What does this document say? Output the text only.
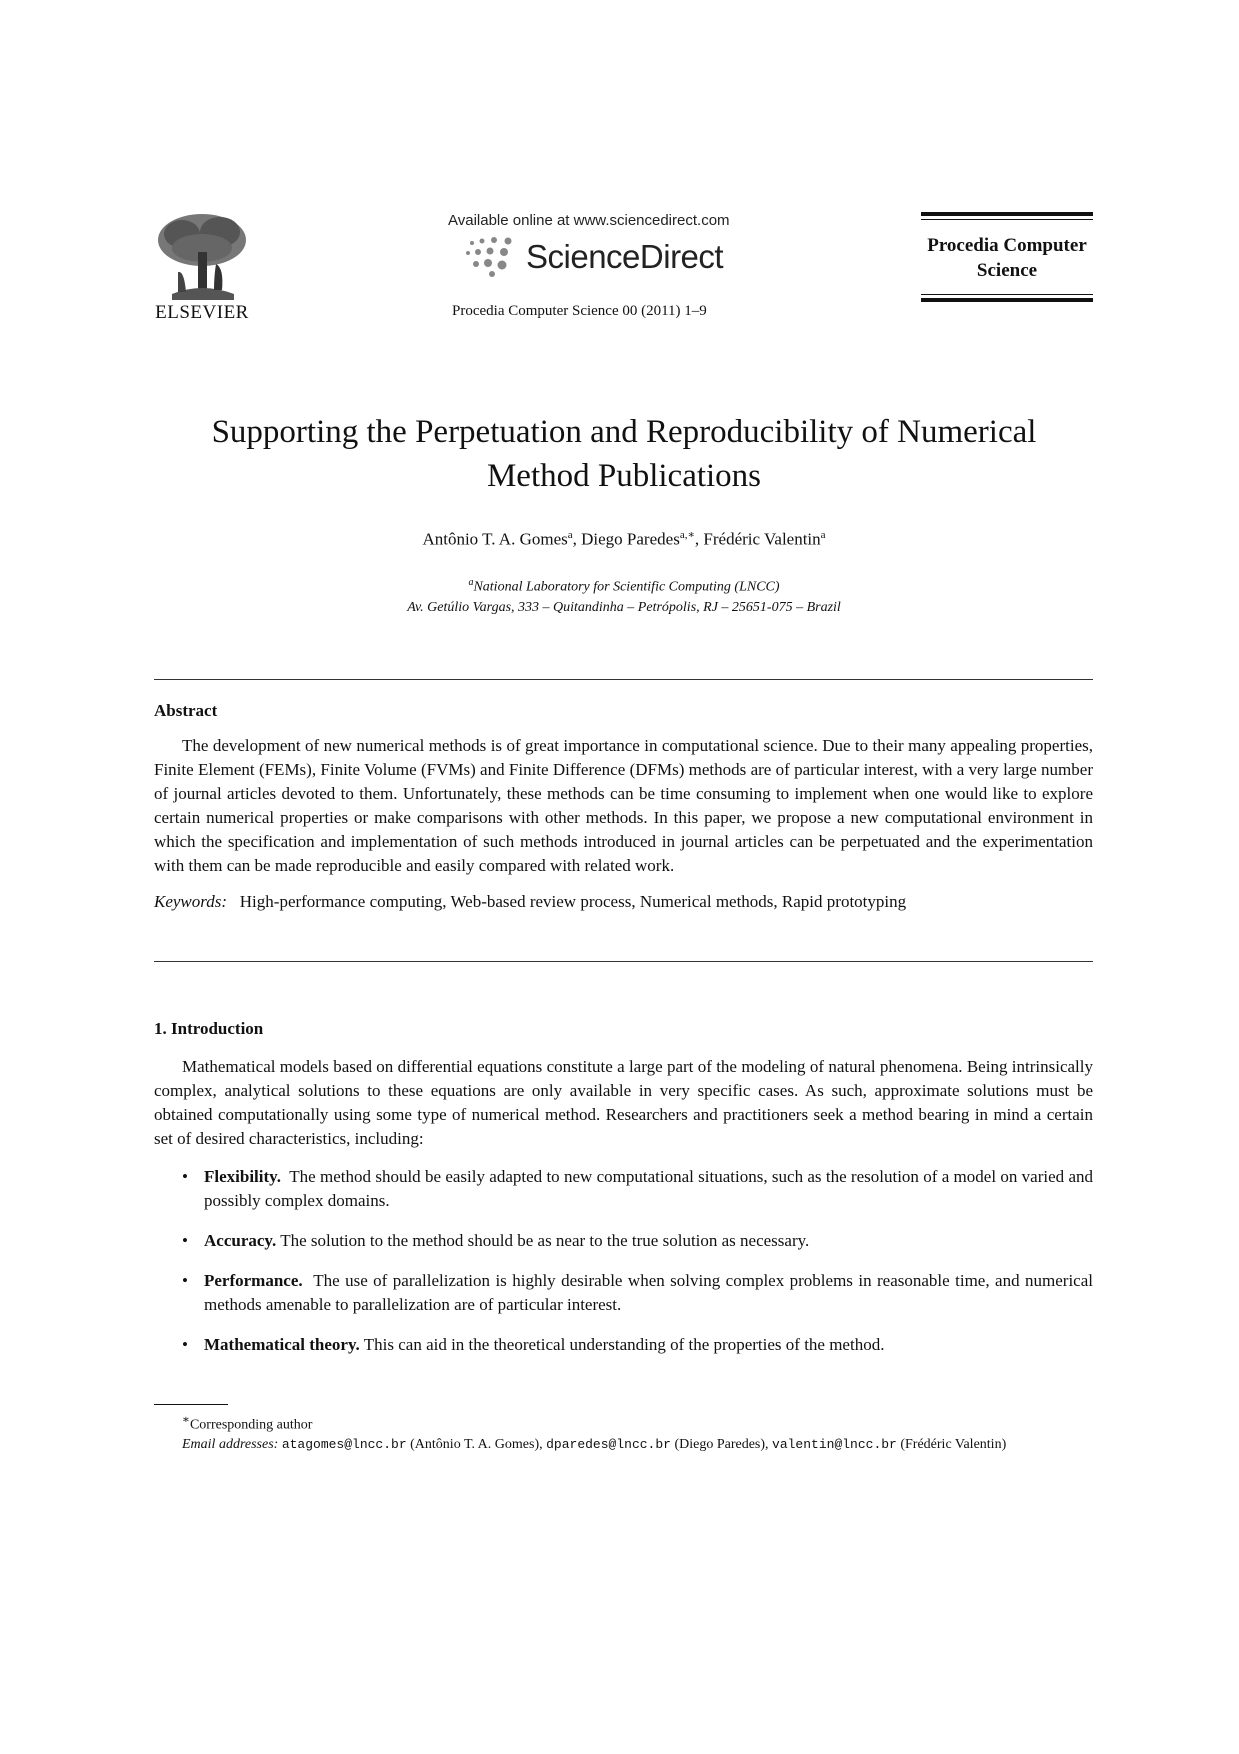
ELSEVIER
Available online at www.sciencedirect.com
ScienceDirect
Procedia Computer Science 00 (2011) 1–9
Procedia Computer
Science
Supporting the Perpetuation and Reproducibility of Numerical
Method Publications
Antônio T. A. Gomes$^a$, Diego Paredes$^{a,∗}$, Frédéric Valentin$^a$
$^a$National Laboratory for Scientific Computing (LNCC)
Av. Getúlio Vargas, 333 – Quitandinha – Petrópolis, RJ – 25651-075 – Brazil
Abstract

The development of new numerical methods is of great importance in computational science. Due to their many appealing properties, Finite Element (FEMs), Finite Volume (FVMs) and Finite Difference (DFMs) methods are of particular interest, with a very large number of journal articles devoted to them. Unfortunately, these methods can be time consuming to implement when one would like to explore certain numerical properties or make comparisons with other methods. In this paper, we propose a new computational environment in which the specification and implementation of such methods introduced in journal articles can be perpetuated and the experimentation with them can be made reproducible and easily compared with related work.

Keywords: High-performance computing, Web-based review process, Numerical methods, Rapid prototyping
1. Introduction

Mathematical models based on differential equations constitute a large part of the modeling of natural phenomena. Being intrinsically complex, analytical solutions to these equations are only available in very specific cases. As such, approximate solutions must be obtained computationally using some type of numerical method. Researchers and practitioners seek a method bearing in mind a certain set of desired characteristics, including:

• Flexibility. The method should be easily adapted to new computational situations, such as the resolution of a model on varied and possibly complex domains.
• Accuracy. The solution to the method should be as near to the true solution as necessary.
• Performance. The use of parallelization is highly desirable when solving complex problems in reasonable time, and numerical methods amenable to parallelization are of particular interest.
• Mathematical theory. This can aid in the theoretical understanding of the properties of the method.
∗Corresponding author
Email addresses: atagomes@lncc.br (Antônio T. A. Gomes), dparedes@lncc.br (Diego Paredes), valentin@lncc.br (Frédéric Valentin)
